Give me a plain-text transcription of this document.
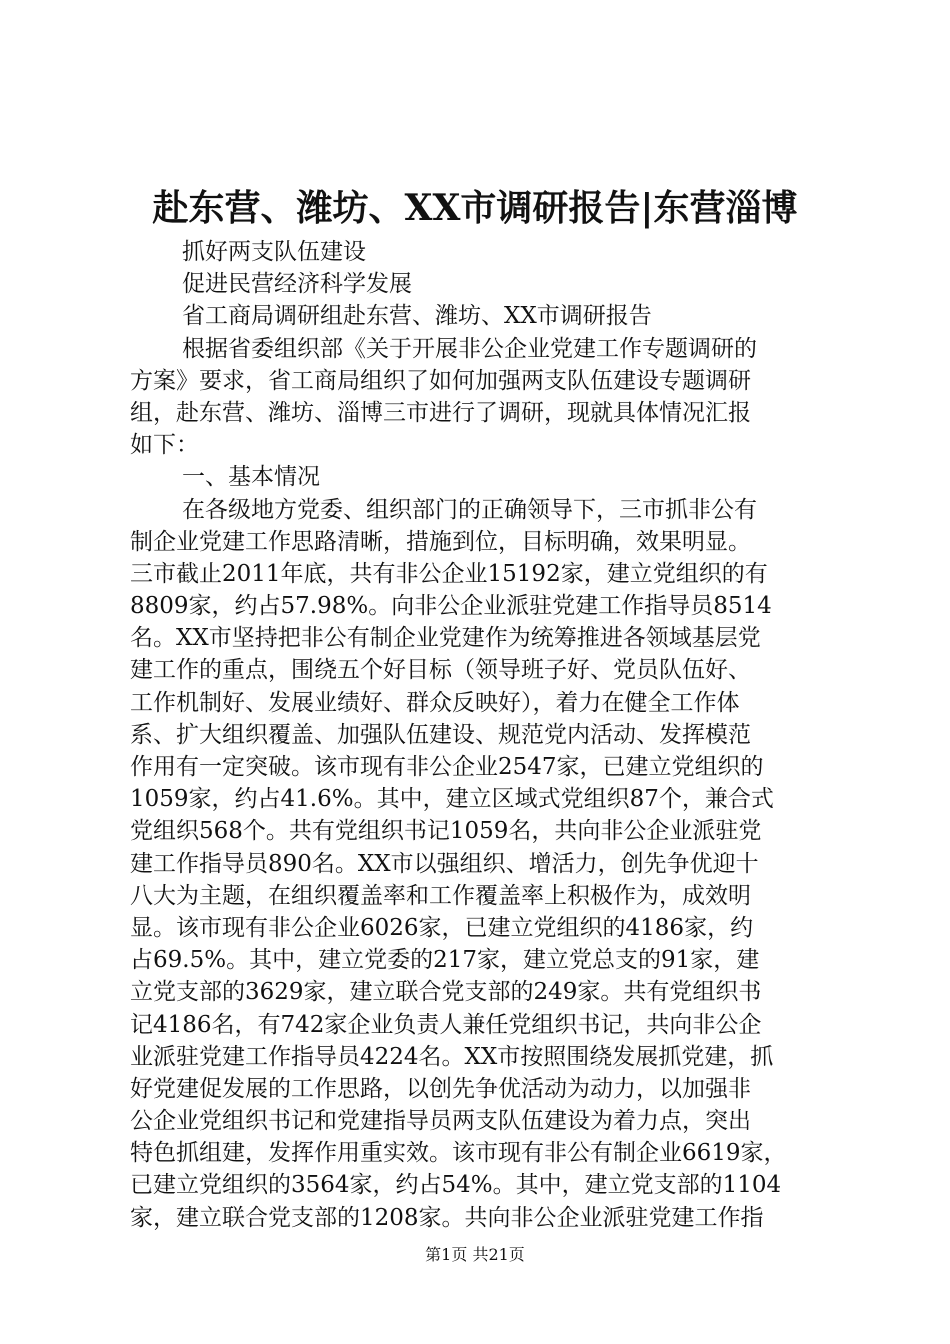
赴东营、潍坊、XX市调研报告|东营淄博
抓好两支队伍建设
促进民营经济科学发展
省工商局调研组赴东营、潍坊、XX市调研报告
根据省委组织部《关于开展非公企业党建工作专题调研的
方案》要求，省工商局组织了如何加强两支队伍建设专题调研
组，赴东营、潍坊、淄博三市进行了调研，现就具体情况汇报
如下：
一、基本情况
在各级地方党委、组织部门的正确领导下，三市抓非公有
制企业党建工作思路清晰，措施到位，目标明确，效果明显。
三市截止2011年底，共有非公企业15192家，建立党组织的有
8809家，约占57.98%。向非公企业派驻党建工作指导员8514
名。XX市坚持把非公有制企业党建作为统筹推进各领域基层党
建工作的重点，围绕五个好目标（领导班子好、党员队伍好、
工作机制好、发展业绩好、群众反映好），着力在健全工作体
系、扩大组织覆盖、加强队伍建设、规范党内活动、发挥模范
作用有一定突破。该市现有非公企业2547家，已建立党组织的
1059家，约占41.6%。其中，建立区域式党组织87个，兼合式
党组织568个。共有党组织书记1059名，共向非公企业派驻党
建工作指导员890名。XX市以强组织、增活力，创先争优迎十
八大为主题，在组织覆盖率和工作覆盖率上积极作为，成效明
显。该市现有非公企业6026家，已建立党组织的4186家，约
占69.5%。其中，建立党委的217家，建立党总支的91家，建
立党支部的3629家，建立联合党支部的249家。共有党组织书
记4186名，有742家企业负责人兼任党组织书记，共向非公企
业派驻党建工作指导员4224名。XX市按照围绕发展抓党建，抓
好党建促发展的工作思路，以创先争优活动为动力，以加强非
公企业党组织书记和党建指导员两支队伍建设为着力点，突出
特色抓组建，发挥作用重实效。该市现有非公有制企业6619家，
已建立党组织的3564家，约占54%。其中，建立党支部的1104
家，建立联合党支部的1208家。共向非公企业派驻党建工作指
第1页 共21页
